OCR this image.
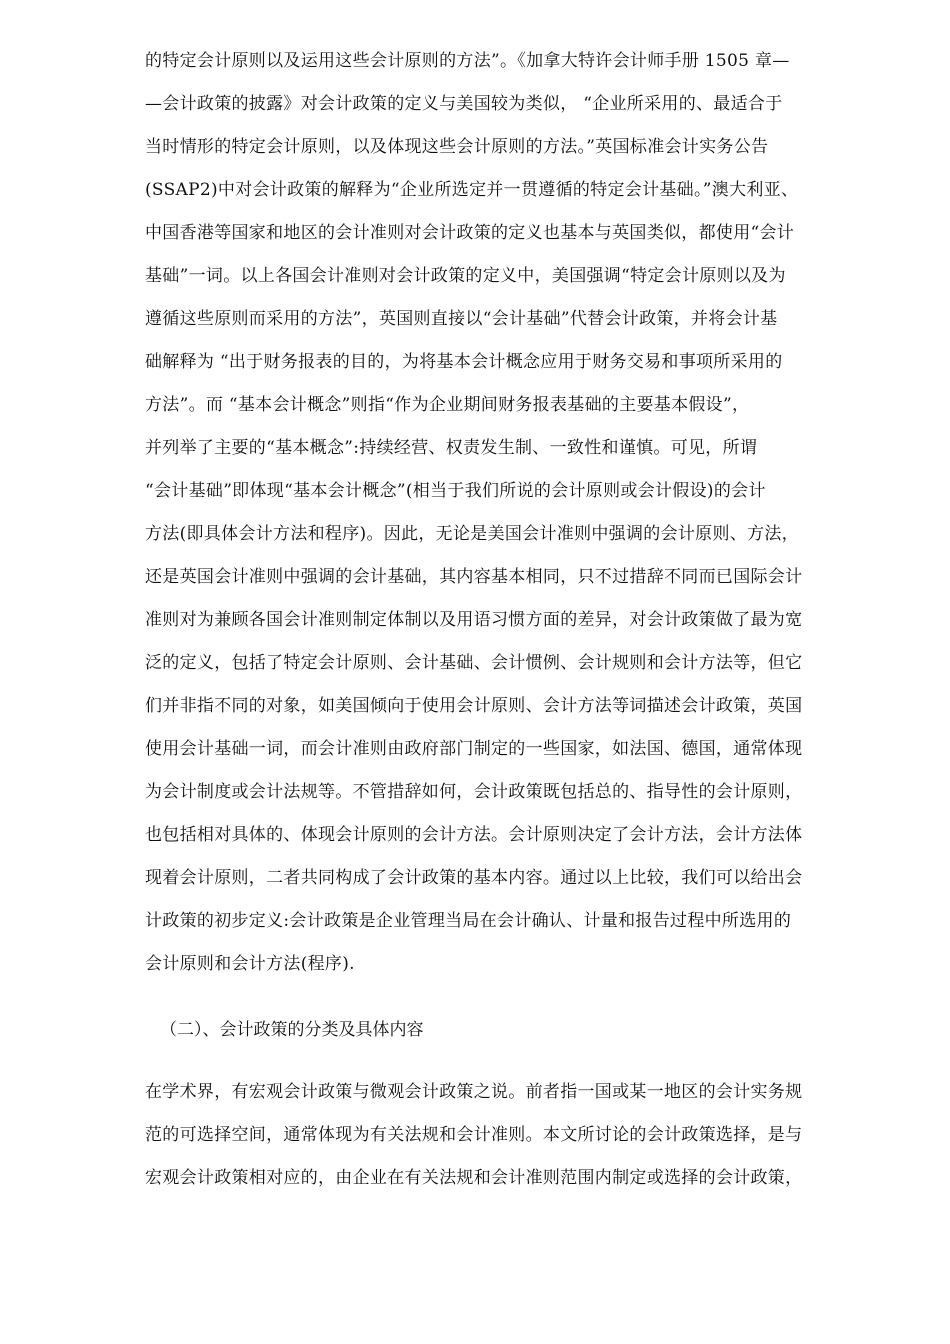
的特定会计原则以及运用这些会计原则的方法”。《加拿大特许会计师手册 1505 章—
—会计政策的披露》对会计政策的定义与美国较为类似， “企业所采用的、最适合于
当时情形的特定会计原则，以及体现这些会计原则的方法。”英国标准会计实务公告
(SSAP2)中对会计政策的解释为“企业所选定并一贯遵循的特定会计基础。”澳大利亚、
中国香港等国家和地区的会计准则对会计政策的定义也基本与英国类似，都使用“会计
基础”一词。以上各国会计准则对会计政策的定义中，美国强调“特定会计原则以及为
遵循这些原则而采用的方法”，英国则直接以“会计基础”代替会计政策，并将会计基
础解释为 “出于财务报表的目的，为将基本会计概念应用于财务交易和事项所采用的
方法”。而 “基本会计概念”则指“作为企业期间财务报表基础的主要基本假设”，
并列举了主要的“基本概念”:持续经营、权责发生制、一致性和谨慎。可见，所谓
“会计基础”即体现“基本会计概念”(相当于我们所说的会计原则或会计假设)的会计
方法(即具体会计方法和程序)。因此，无论是美国会计准则中强调的会计原则、方法，
还是英国会计准则中强调的会计基础，其内容基本相同，只不过措辞不同而已国际会计
准则对为兼顾各国会计准则制定体制以及用语习惯方面的差异，对会计政策做了最为宽
泛的定义，包括了特定会计原则、会计基础、会计惯例、会计规则和会计方法等，但它
们并非指不同的对象，如美国倾向于使用会计原则、会计方法等词描述会计政策，英国
使用会计基础一词，而会计准则由政府部门制定的一些国家，如法国、德国，通常体现
为会计制度或会计法规等。不管措辞如何，会计政策既包括总的、指导性的会计原则，
也包括相对具体的、体现会计原则的会计方法。会计原则决定了会计方法，会计方法体
现着会计原则，二者共同构成了会计政策的基本内容。通过以上比较，我们可以给出会
计政策的初步定义:会计政策是企业管理当局在会计确认、计量和报告过程中所选用的
会计原则和会计方法(程序).
（二）、会计政策的分类及具体内容
在学术界，有宏观会计政策与微观会计政策之说。前者指一国或某一地区的会计实务规
范的可选择空间，通常体现为有关法规和会计准则。本文所讨论的会计政策选择，是与
宏观会计政策相对应的，由企业在有关法规和会计准则范围内制定或选择的会计政策，
